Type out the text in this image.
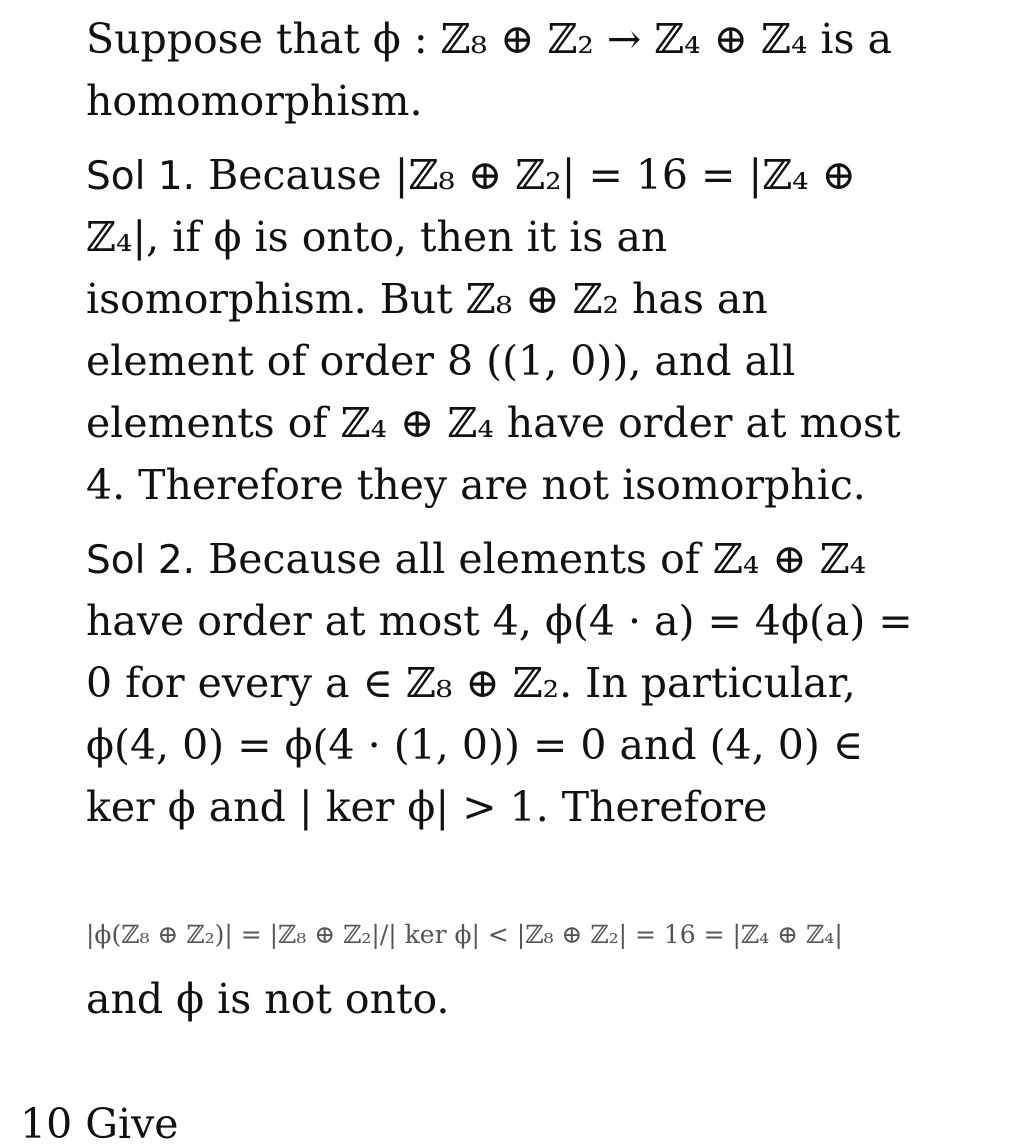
Suppose that ϕ : ℤ₈ ⊕ ℤ₂ → ℤ₄ ⊕ ℤ₄ is a
homomorphism.
Sol 1. Because |ℤ₈ ⊕ ℤ₂| = 16 = |ℤ₄ ⊕
ℤ₄|, if ϕ is onto, then it is an
isomorphism. But ℤ₈ ⊕ ℤ₂ has an
element of order 8 ((1, 0)), and all
elements of ℤ₄ ⊕ ℤ₄ have order at most
4. Therefore they are not isomorphic.
Sol 2. Because all elements of ℤ₄ ⊕ ℤ₄
have order at most 4, ϕ(4 · a) = 4ϕ(a) =
0 for every a ∈ ℤ₈ ⊕ ℤ₂. In particular,
ϕ(4, 0) = ϕ(4 · (1, 0)) = 0 and (4, 0) ∈
ker ϕ and | ker ϕ| > 1. Therefore
|ϕ(ℤ₈ ⊕ ℤ₂)| = |ℤ₈ ⊕ ℤ₂|/| ker ϕ| < |ℤ₈ ⊕ ℤ₂| = 16 = |ℤ₄ ⊕ ℤ₄|
and ϕ is not onto.
10 Give
